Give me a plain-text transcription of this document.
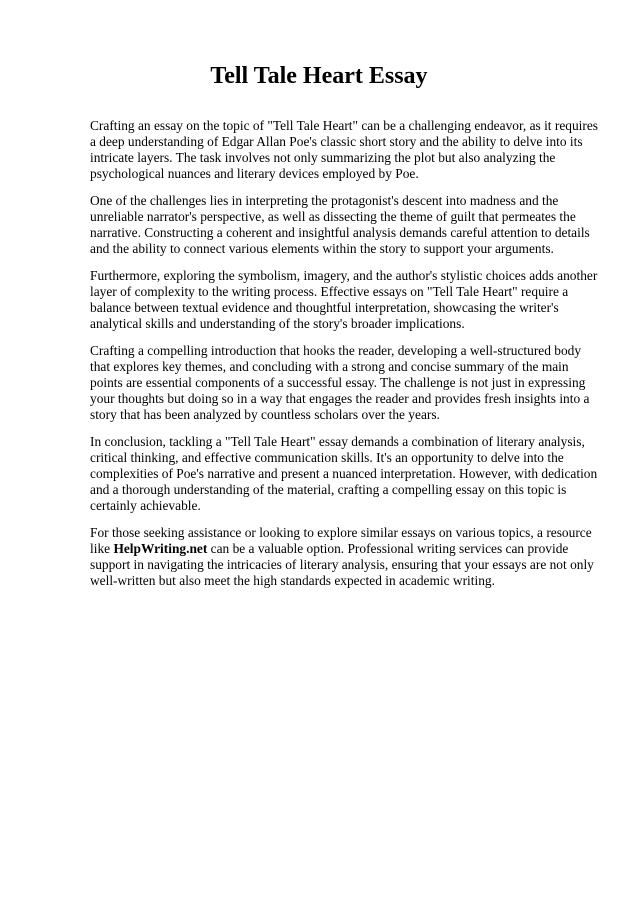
Tell Tale Heart Essay

Crafting an essay on the topic of "Tell Tale Heart" can be a challenging endeavor, as it requires a deep understanding of Edgar Allan Poe's classic short story and the ability to delve into its intricate layers. The task involves not only summarizing the plot but also analyzing the psychological nuances and literary devices employed by Poe.

One of the challenges lies in interpreting the protagonist's descent into madness and the unreliable narrator's perspective, as well as dissecting the theme of guilt that permeates the narrative. Constructing a coherent and insightful analysis demands careful attention to details and the ability to connect various elements within the story to support your arguments.

Furthermore, exploring the symbolism, imagery, and the author's stylistic choices adds another layer of complexity to the writing process. Effective essays on "Tell Tale Heart" require a balance between textual evidence and thoughtful interpretation, showcasing the writer's analytical skills and understanding of the story's broader implications.

Crafting a compelling introduction that hooks the reader, developing a well-structured body that explores key themes, and concluding with a strong and concise summary of the main points are essential components of a successful essay. The challenge is not just in expressing your thoughts but doing so in a way that engages the reader and provides fresh insights into a story that has been analyzed by countless scholars over the years.

In conclusion, tackling a "Tell Tale Heart" essay demands a combination of literary analysis, critical thinking, and effective communication skills. It's an opportunity to delve into the complexities of Poe's narrative and present a nuanced interpretation. However, with dedication and a thorough understanding of the material, crafting a compelling essay on this topic is certainly achievable.

For those seeking assistance or looking to explore similar essays on various topics, a resource like HelpWriting.net can be a valuable option. Professional writing services can provide support in navigating the intricacies of literary analysis, ensuring that your essays are not only well-written but also meet the high standards expected in academic writing.
